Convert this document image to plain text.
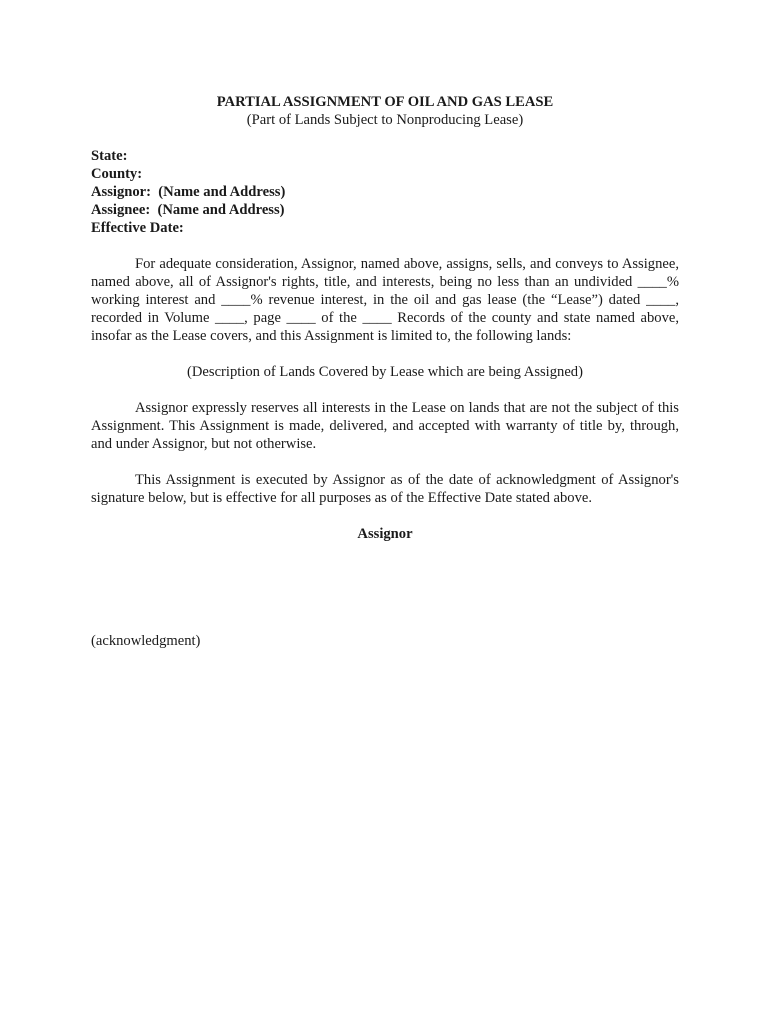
PARTIAL ASSIGNMENT OF OIL AND GAS LEASE

(Part of Lands Subject to Nonproducing Lease)

State:
County:
Assignor:  (Name and Address)
Assignee:  (Name and Address)
Effective Date:

For adequate consideration, Assignor, named above, assigns, sells, and conveys to Assignee, named above, all of Assignor's rights, title, and interests, being no less than an undivided ____% working interest and ____% revenue interest, in the oil and gas lease (the “Lease”) dated ____, recorded in Volume ____, page ____ of the ____ Records of the county and state named above, insofar as the Lease covers, and this Assignment is limited to, the following lands:

(Description of Lands Covered by Lease which are being Assigned)

Assignor expressly reserves all interests in the Lease on lands that are not the subject of this Assignment. This Assignment is made, delivered, and accepted with warranty of title by, through, and under Assignor, but not otherwise.

This Assignment is executed by Assignor as of the date of acknowledgment of Assignor's signature below, but is effective for all purposes as of the Effective Date stated above.

Assignor
(acknowledgment)
